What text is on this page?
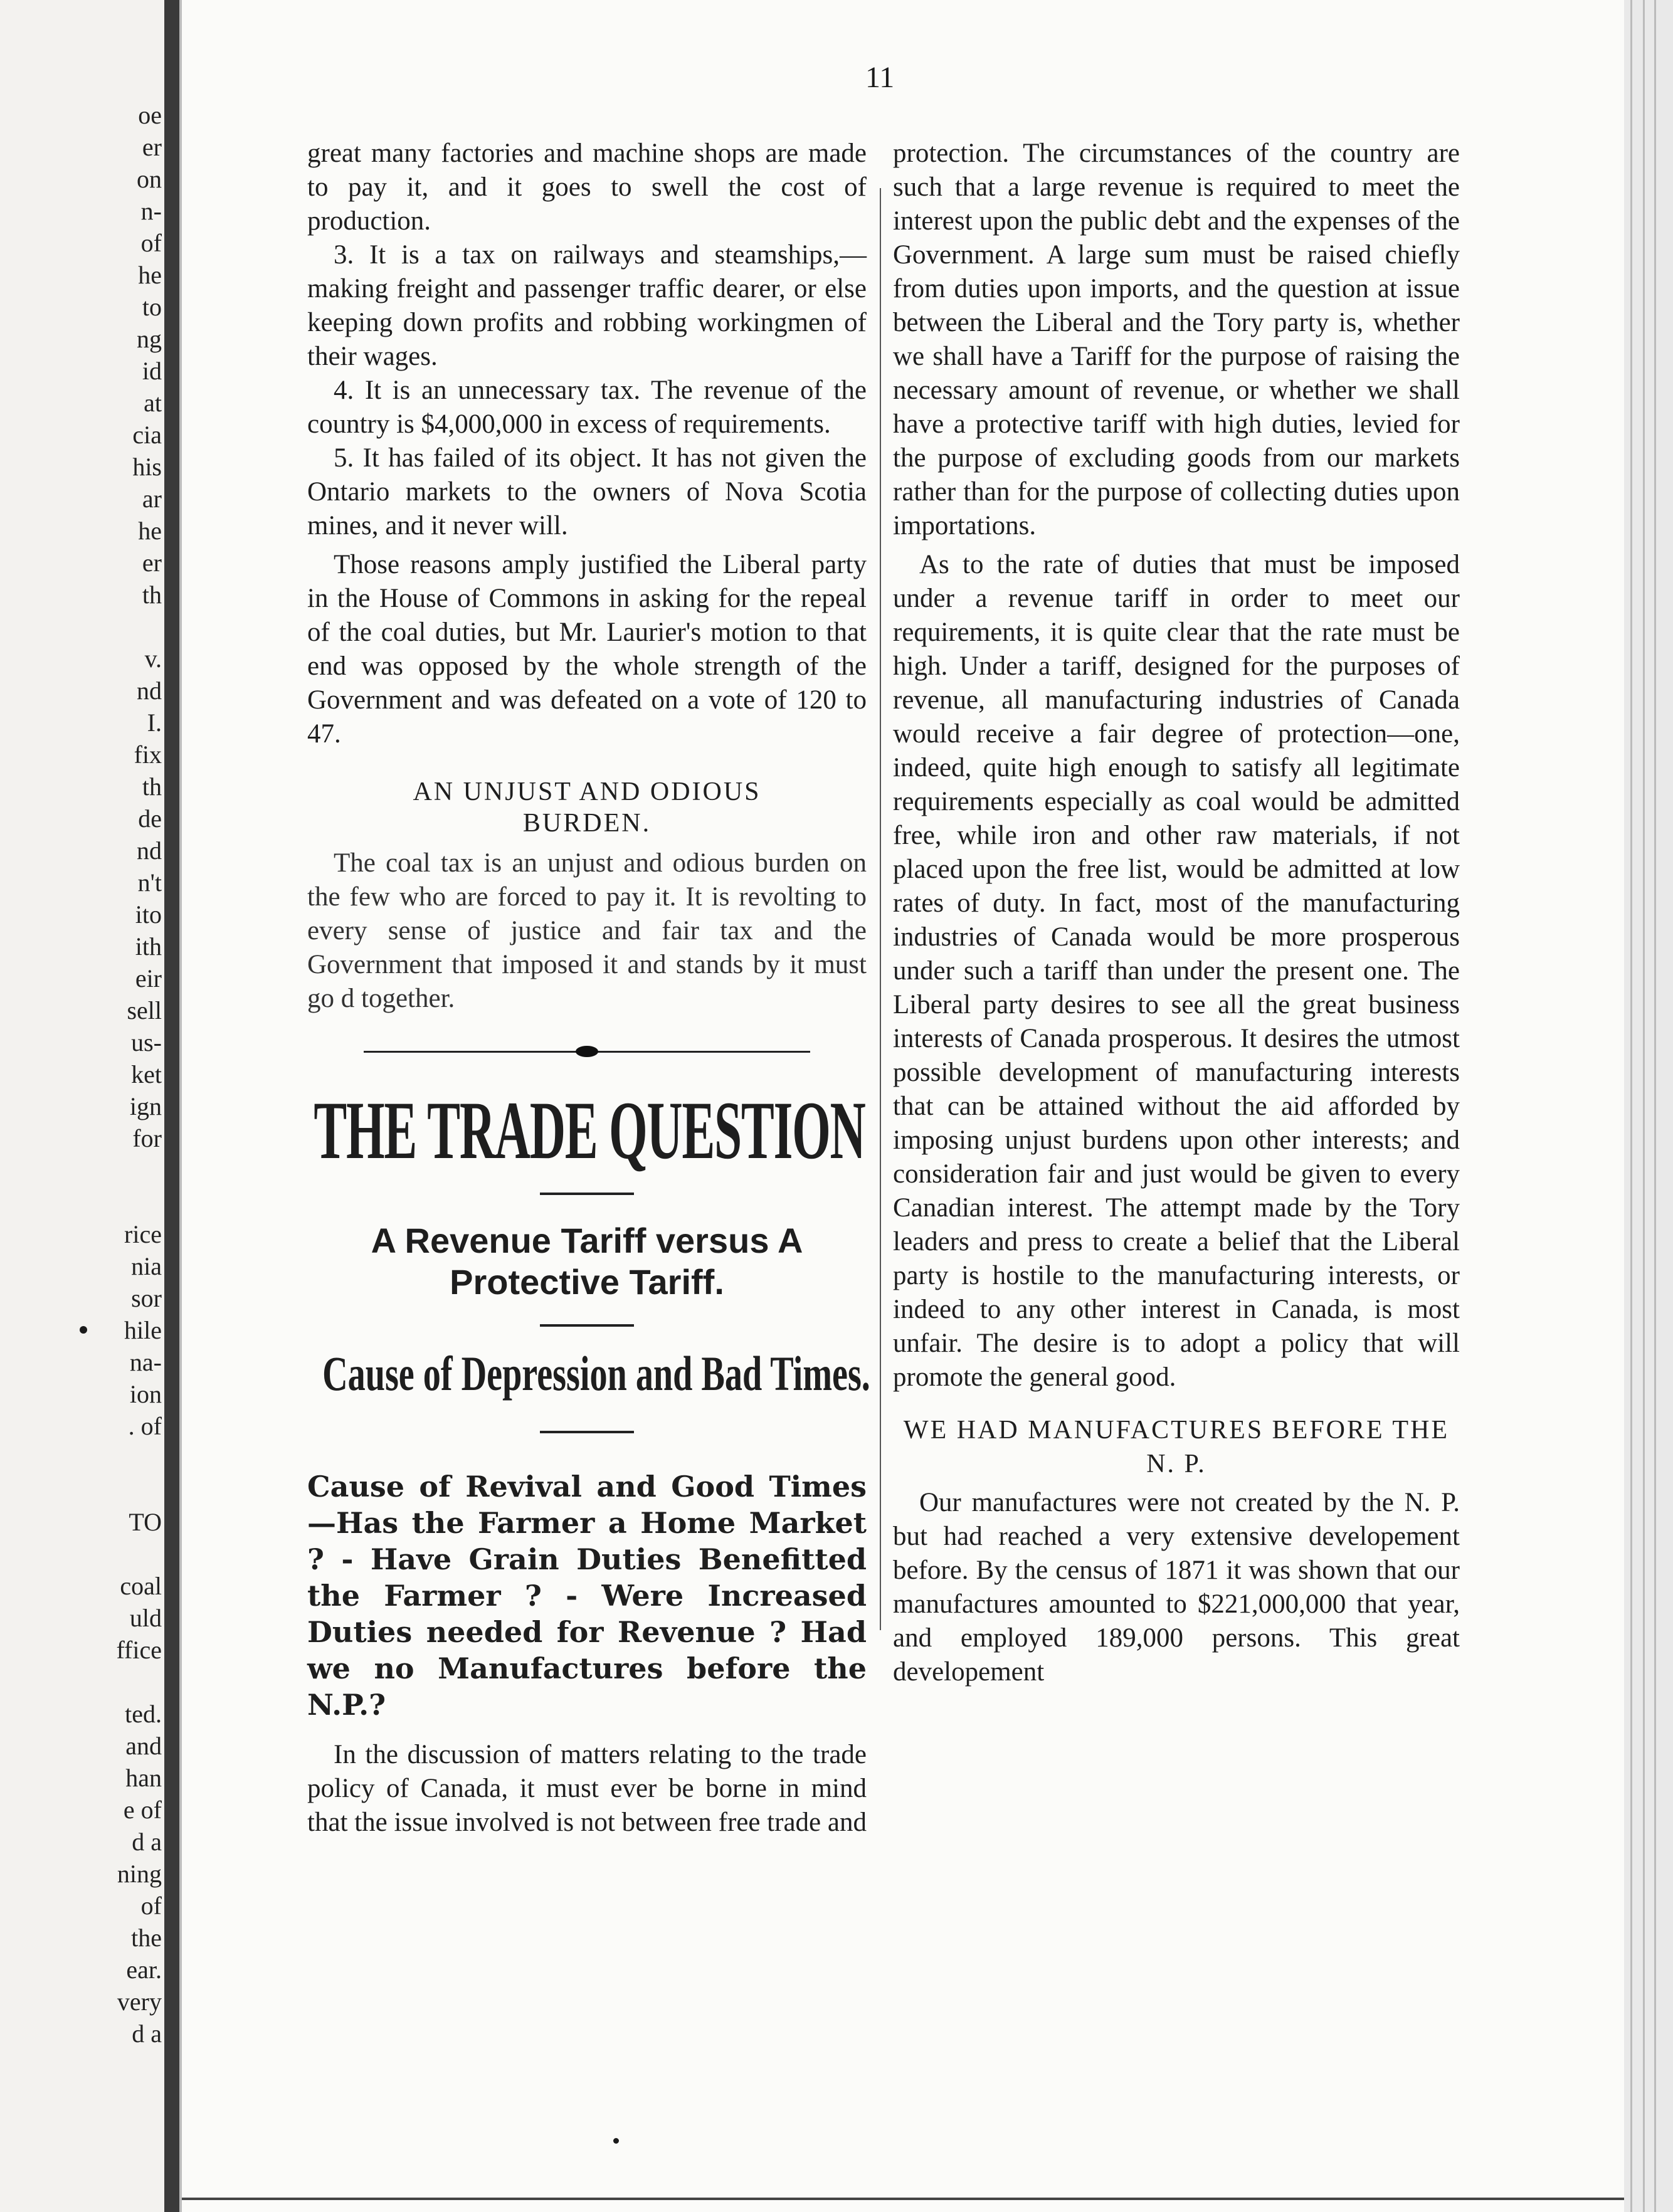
oe
er
on
n-
of
he
to
ng
id
at
cia
his
ar
he
er
th
v.
nd
I.
fix
th
de
nd
n't
ito
ith
eir
sell
us-
ket
ign
for
rice
nia
sor
hile
na-
ion
. of
TO
coal
uld
ffice
ted.
and
han
e of
d a
ning
of
the
ear.
very
d a
11

great many factories and machine shops are made to pay it, and it goes to swell the cost of production.

3. It is a tax on railways and steamships,—making freight and passenger traffic dearer, or else keeping down profits and robbing workingmen of their wages.

4. It is an unnecessary tax. The revenue of the country is $4,000,000 in excess of requirements.

5. It has failed of its object. It has not given the Ontario markets to the owners of Nova Scotia mines, and it never will.

Those reasons amply justified the Liberal party in the House of Commons in asking for the repeal of the coal duties, but Mr. Laurier's motion to that end was opposed by the whole strength of the Government and was defeated on a vote of 120 to 47.

AN UNJUST AND ODIOUS BURDEN.

The coal tax is an unjust and odious burden on the few who are forced to pay it. It is revolting to every sense of justice and fair tax and the Government that imposed it and stands by it must go d together.

THE TRADE QUESTION
A Revenue Tariff versus A Protective Tariff.
Cause of Depression and Bad Times.
Cause of Revival and Good Times —Has the Farmer a Home Market ? - Have Grain Duties Benefitted the Farmer ? - Were Increased Duties needed for Revenue ? Had we no Manufactures before the N.P.?

In the discussion of matters relating to the trade policy of Canada, it must ever be borne in mind that the issue involved is not between free trade and

protection. The circumstances of the country are such that a large revenue is required to meet the interest upon the public debt and the expenses of the Government. A large sum must be raised chiefly from duties upon imports, and the question at issue between the Liberal and the Tory party is, whether we shall have a Tariff for the purpose of raising the necessary amount of revenue, or whether we shall have a protective tariff with high duties, levied for the purpose of excluding goods from our markets rather than for the purpose of collecting duties upon importations.

As to the rate of duties that must be imposed under a revenue tariff in order to meet our requirements, it is quite clear that the rate must be high. Under a tariff, designed for the purposes of revenue, all manufacturing industries of Canada would receive a fair degree of protection—one, indeed, quite high enough to satisfy all legitimate requirements especially as coal would be admitted free, while iron and other raw materials, if not placed upon the free list, would be admitted at low rates of duty. In fact, most of the manufacturing industries of Canada would be more prosperous under such a tariff than under the present one. The Liberal party desires to see all the great business interests of Canada prosperous. It desires the utmost possible development of manufacturing interests that can be attained without the aid afforded by imposing unjust burdens upon other interests; and consideration fair and just would be given to every Canadian interest. The attempt made by the Tory leaders and press to create a belief that the Liberal party is hostile to the manufacturing interests, or indeed to any other interest in Canada, is most unfair. The desire is to adopt a policy that will promote the general good.

WE HAD MANUFACTURES BEFORE THE N. P.

Our manufactures were not created by the N. P. but had reached a very extensive developement before. By the census of 1871 it was shown that our manufactures amounted to $221,000,000 that year, and employed 189,000 persons. This great developement
